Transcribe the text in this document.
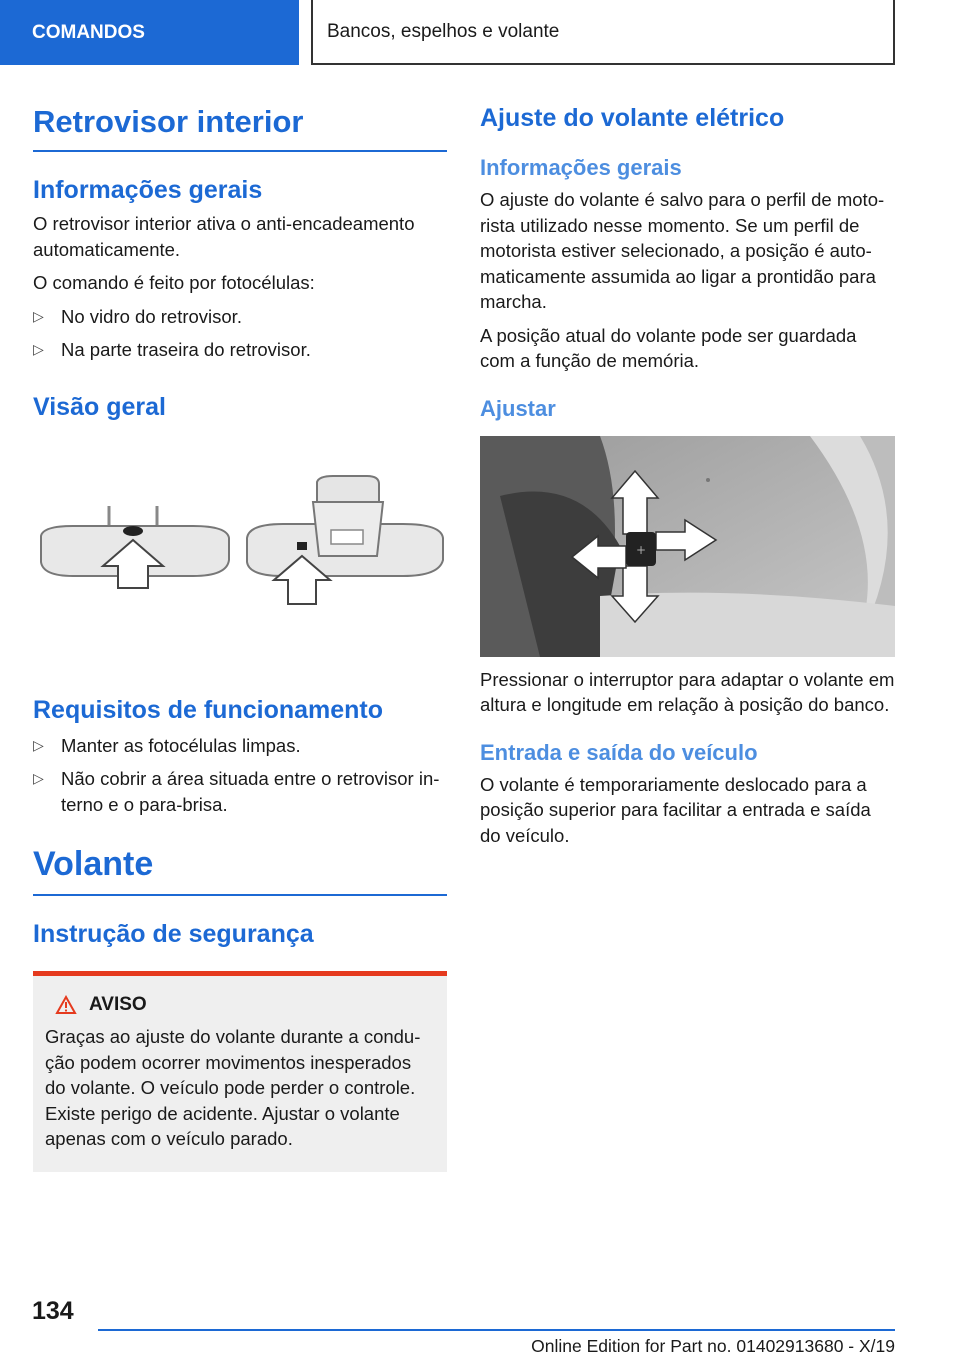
COMANDOS	Bancos, espelhos e volante
Retrovisor interior
Informações gerais

O retrovisor interior ativa o anti-encadeamento automaticamente.

O comando é feito por fotocélulas:

▷ No vidro do retrovisor.
▷ Na parte traseira do retrovisor.
Visão geral
Requisitos de funcionamento
▷ Manter as fotocélulas limpas.
▷ Não cobrir a área situada entre o retrovisor interno e o para-brisa.
Volante
Instrução de segurança
AVISO

Graças ao ajuste do volante durante a condução podem ocorrer movimentos inesperados do volante. O veículo pode perder o controle. Existe perigo de acidente. Ajustar o volante apenas com o veículo parado.

Ajuste do volante elétrico
Informações gerais

O ajuste do volante é salvo para o perfil de motorista utilizado nesse momento. Se um perfil de motorista estiver selecionado, a posição é automaticamente assumida ao ligar a prontidão para marcha.

A posição atual do volante pode ser guardada com a função de memória.

Ajustar
+

Pressionar o interruptor para adaptar o volante em altura e longitude em relação à posição do banco.

Entrada e saída do veículo

O volante é temporariamente deslocado para a posição superior para facilitar a entrada e saída do veículo.

134
Online Edition for Part no. 01402913680 - X/19
